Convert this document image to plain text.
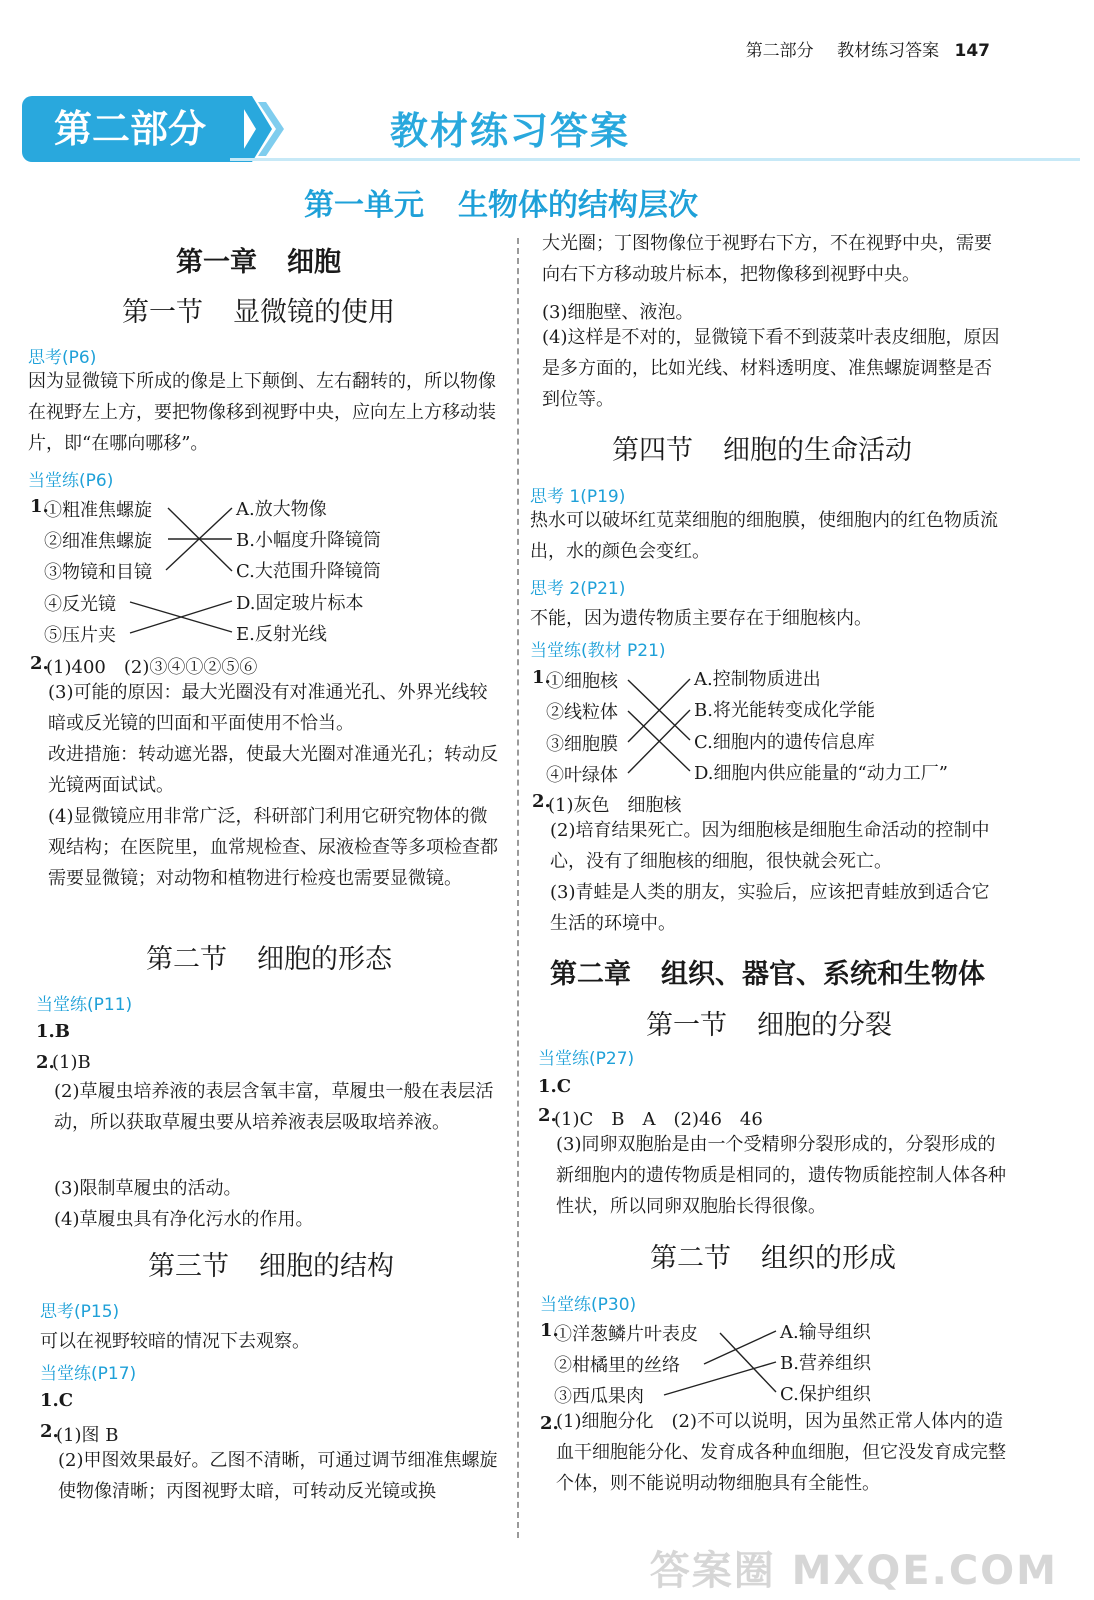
第二部分 教材练习答案 147
第二部分	教材练习答案
第一单元 生物体的结构层次
第一章 细胞
第一节 显微镜的使用
思考(P6)
因为显微镜下所成的像是上下颠倒、左右翻转的，所以物像在视野左上方，要把物像移到视野中央，应向左上方移动装片，即“在哪向哪移”。
当堂练(P6)
1.
①粗准焦螺旋
②细准焦螺旋
③物镜和目镜
④反光镜
⑤压片夹
A.放大物像
B.小幅度升降镜筒
C.大范围升降镜筒
D.固定玻片标本
E.反射光线
2.
(1)400　(2)③④①②⑤⑥
(3)可能的原因：最大光圈没有对准通光孔、外界光线较暗或反光镜的凹面和平面使用不恰当。
改进措施：转动遮光器，使最大光圈对准通光孔；转动反光镜两面试试。
(4)显微镜应用非常广泛，科研部门利用它研究物体的微观结构；在医院里，血常规检查、尿液检查等多项检查都需要显微镜；对动物和植物进行检疫也需要显微镜。
第二节 细胞的形态
当堂练(P11)
1.B
2.
(1)B
(2)草履虫培养液的表层含氧丰富，草履虫一般在表层活动，所以获取草履虫要从培养液表层吸取培养液。
(3)限制草履虫的活动。
(4)草履虫具有净化污水的作用。
第三节 细胞的结构
思考(P15)
可以在视野较暗的情况下去观察。
当堂练(P17)
1.C
2.
(1)图 B
(2)甲图效果最好。乙图不清晰，可通过调节细准焦螺旋使物像清晰；丙图视野太暗，可转动反光镜或换
大光圈；丁图物像位于视野右下方，不在视野中央，需要向右下方移动玻片标本，把物像移到视野中央。
(3)细胞壁、液泡。
(4)这样是不对的，显微镜下看不到菠菜叶表皮细胞，原因是多方面的，比如光线、材料透明度、准焦螺旋调整是否到位等。
第四节 细胞的生命活动
思考 1(P19)
热水可以破坏红苋菜细胞的细胞膜，使细胞内的红色物质流出，水的颜色会变红。
思考 2(P21)
不能，因为遗传物质主要存在于细胞核内。
当堂练(教材 P21)
1.
①细胞核
②线粒体
③细胞膜
④叶绿体
A.控制物质进出
B.将光能转变成化学能
C.细胞内的遗传信息库
D.细胞内供应能量的“动力工厂”
2.
(1)灰色　细胞核
(2)培育结果死亡。因为细胞核是细胞生命活动的控制中心，没有了细胞核的细胞，很快就会死亡。
(3)青蛙是人类的朋友，实验后，应该把青蛙放到适合它生活的环境中。
第二章 组织、器官、系统和生物体
第一节 细胞的分裂
当堂练(P27)
1.C
2.
(1)C　B　A　(2)46　46
(3)同卵双胞胎是由一个受精卵分裂形成的，分裂形成的新细胞内的遗传物质是相同的，遗传物质能控制人体各种性状，所以同卵双胞胎长得很像。
第二节 组织的形成
当堂练(P30)
1.
①洋葱鳞片叶表皮
②柑橘里的丝络
③西瓜果肉
A.输导组织
B.营养组织
C.保护组织
2.
(1)细胞分化　(2)不可以说明，因为虽然正常人体内的造血干细胞能分化、发育成各种血细胞，但它没发育成完整个体，则不能说明动物细胞具有全能性。
答案圈 MXQE.COM
